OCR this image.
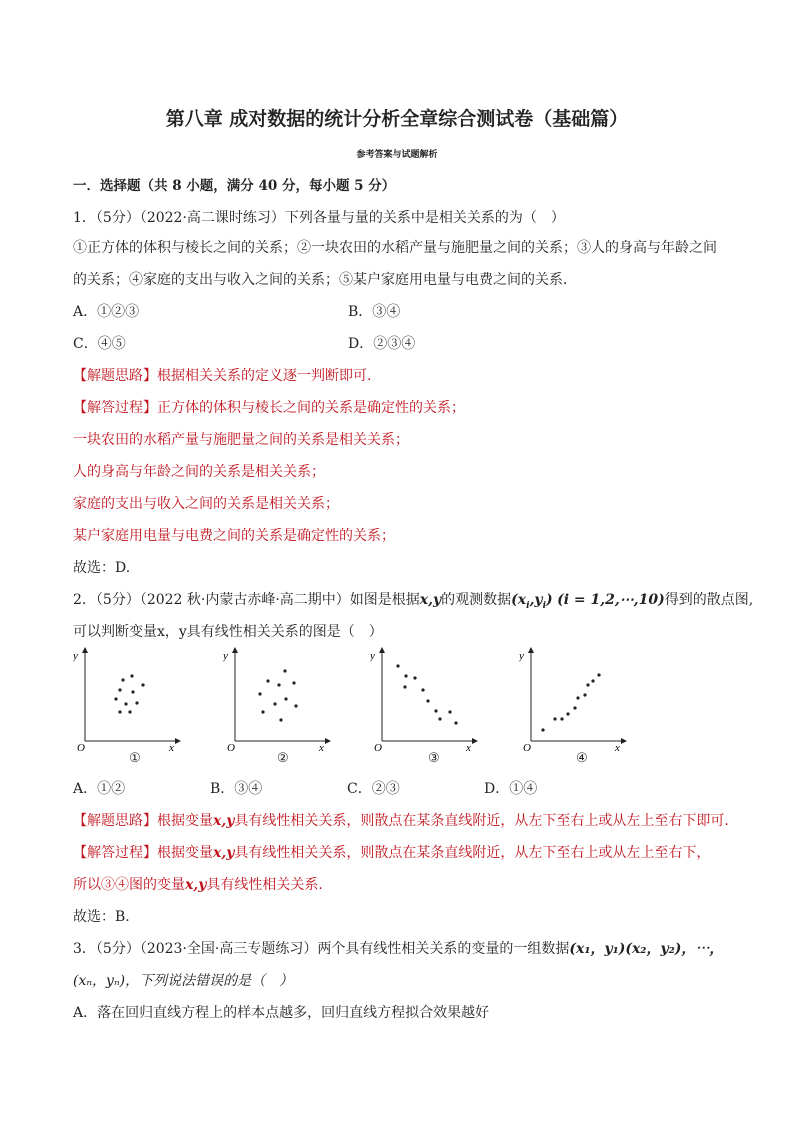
第八章 成对数据的统计分析全章综合测试卷（基础篇）
参考答案与试题解析
一．选择题（共 8 小题，满分 40 分，每小题 5 分）
1．（5分）（2022·高二课时练习）下列各量与量的关系中是相关关系的为（　）
①正方体的体积与棱长之间的关系；②一块农田的水稻产量与施肥量之间的关系；③人的身高与年龄之间
的关系；④家庭的支出与收入之间的关系；⑤某户家庭用电量与电费之间的关系．
A．①②③	B．③④
C．④⑤	D．②③④
【解题思路】根据相关关系的定义逐一判断即可.
【解答过程】正方体的体积与棱长之间的关系是确定性的关系；
一块农田的水稻产量与施肥量之间的关系是相关关系；
人的身高与年龄之间的关系是相关关系；
家庭的支出与收入之间的关系是相关关系；
某户家庭用电量与电费之间的关系是确定性的关系；
故选：D.
2．（5分）（2022 秋·内蒙古赤峰·高二期中）如图是根据x,y的观测数据$(x_i,y_i) (i$ = 1,2,⋯,10)得到的散点图,
可以判断变量x，y具有线性相关关系的图是（　）
y
x
O
y
x
O
y
x
O
y
x
O
①	②	③	④
A．①②	B．③④	C．②③	D．①④
【解题思路】根据变量x,y具有线性相关关系，则散点在某条直线附近，从左下至右上或从左上至右下即可.
【解答过程】根据变量x,y具有线性相关关系，则散点在某条直线附近，从左下至右上或从左上至右下，
所以③④图的变量x,y具有线性相关关系.
故选：B.
3．（5分）（2023·全国·高三专题练习）两个具有线性相关关系的变量的一组数据(x₁，y₁)(x₂，y₂)，⋯，
(xₙ，yₙ)，下列说法错误的是（　）
A．落在回归直线方程上的样本点越多，回归直线方程拟合效果越好
